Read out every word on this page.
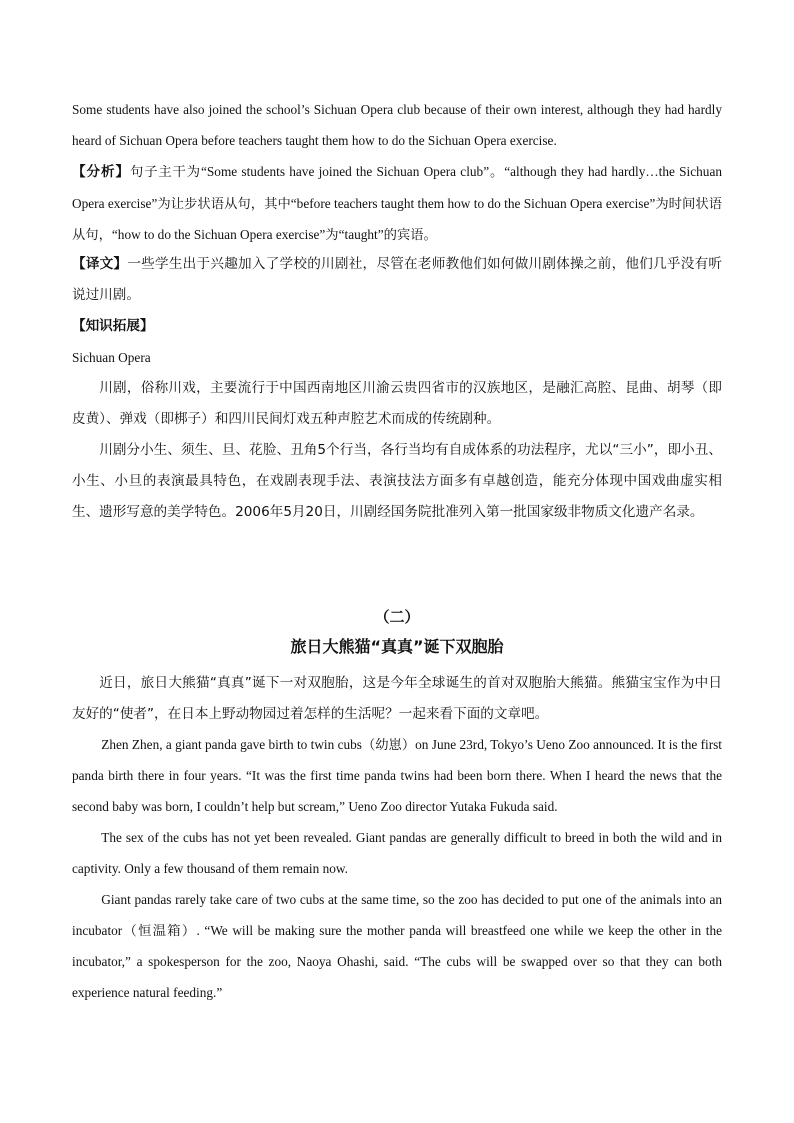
Some students have also joined the school’s Sichuan Opera club because of their own interest, although they had hardly heard of Sichuan Opera before teachers taught them how to do the Sichuan Opera exercise.
【分析】句子主干为“Some students have joined the Sichuan Opera club”。“although they had hardly…the Sichuan Opera exercise”为让步状语从句，其中“before teachers taught them how to do the Sichuan Opera exercise”为时间状语从句，“how to do the Sichuan Opera exercise”为“taught”的宾语。
【译文】一些学生出于兴趣加入了学校的川剧社，尽管在老师教他们如何做川剧体操之前，他们几乎没有听说过川剧。
【知识拓展】
Sichuan Opera
川剧，俗称川戏，主要流行于中国西南地区川渝云贵四省市的汉族地区，是融汇高腔、昆曲、胡琴（即皮黄）、弹戏（即梆子）和四川民间灯戏五种声腔艺术而成的传统剧种。
川剧分小生、须生、旦、花脸、丑角5个行当，各行当均有自成体系的功法程序，尤以“三小”，即小丑、小生、小旦的表演最具特色，在戏剧表现手法、表演技法方面多有卓越创造，能充分体现中国戏曲虚实相生、遗形写意的美学特色。2006年5月20日，川剧经国务院批准列入第一批国家级非物质文化遗产名录。
（二）
旅日大熊猫“真真”诞下双胞胎
近日，旅日大熊猫“真真”诞下一对双胞胎，这是今年全球诞生的首对双胞胎大熊猫。熊猫宝宝作为中日友好的“使者”，在日本上野动物园过着怎样的生活呢？一起来看下面的文章吧。
Zhen Zhen, a giant panda gave birth to twin cubs（幼崽）on June 23rd, Tokyo’s Ueno Zoo announced. It is the first panda birth there in four years. “It was the first time panda twins had been born there. When I heard the news that the second baby was born, I couldn’t help but scream,” Ueno Zoo director Yutaka Fukuda said.
The sex of the cubs has not yet been revealed. Giant pandas are generally difficult to breed in both the wild and in captivity. Only a few thousand of them remain now.
Giant pandas rarely take care of two cubs at the same time, so the zoo has decided to put one of the animals into an incubator（恒温箱）. “We will be making sure the mother panda will breastfeed one while we keep the other in the incubator,” a spokesperson for the zoo, Naoya Ohashi, said. “The cubs will be swapped over so that they can both experience natural feeding.”
